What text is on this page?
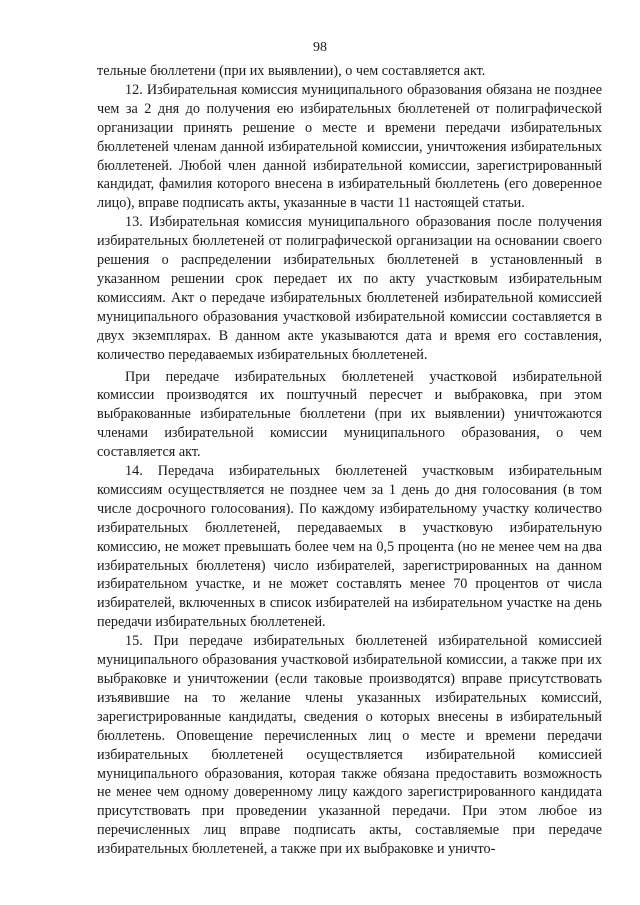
98

тельные бюллетени (при их выявлении), о чем составляется акт.

12. Избирательная комиссия муниципального образования обязана не позднее чем за 2 дня до получения ею избирательных бюллетеней от полиграфической организации принять решение о месте и времени передачи избирательных бюллетеней членам данной избирательной комиссии, уничтожения избирательных бюллетеней. Любой член данной избирательной комиссии, зарегистрированный кандидат, фамилия которого внесена в избирательный бюллетень (его доверенное лицо), вправе подписать акты, указанные в части 11 настоящей статьи.

13. Избирательная комиссия муниципального образования после получения избирательных бюллетеней от полиграфической организации на основании своего решения о распределении избирательных бюллетеней в установленный в указанном решении срок передает их по акту участковым избирательным комиссиям. Акт о передаче избирательных бюллетеней избирательной комиссией муниципального образования участковой избирательной комиссии составляется в двух экземплярах. В данном акте указываются дата и время его составления, количество передаваемых избирательных бюллетеней.

При передаче избирательных бюллетеней участковой избирательной комиссии производятся их поштучный пересчет и выбраковка, при этом выбракованные избирательные бюллетени (при их выявлении) уничтожаются членами избирательной комиссии муниципального образования, о чем составляется акт.

14. Передача избирательных бюллетеней участковым избирательным комиссиям осуществляется не позднее чем за 1 день до дня голосования (в том числе досрочного голосования). По каждому избирательному участку количество избирательных бюллетеней, передаваемых в участковую избирательную комиссию, не может превышать более чем на 0,5 процента (но не менее чем на два избирательных бюллетеня) число избирателей, зарегистрированных на данном избирательном участке, и не может составлять менее 70 процентов от числа избирателей, включенных в список избирателей на избирательном участке на день передачи избирательных бюллетеней.

15. При передаче избирательных бюллетеней избирательной комиссией муниципального образования участковой избирательной комиссии, а также при их выбраковке и уничтожении (если таковые производятся) вправе присутствовать изъявившие на то желание члены указанных избирательных комиссий, зарегистрированные кандидаты, сведения о которых внесены в избирательный бюллетень. Оповещение перечисленных лиц о месте и времени передачи избирательных бюллетеней осуществляется избирательной комиссией муниципального образования, которая также обязана предоставить возможность не менее чем одному доверенному лицу каждого зарегистрированного кандидата присутствовать при проведении указанной передачи. При этом любое из перечисленных лиц вправе подписать акты, составляемые при передаче избирательных бюллетеней, а также при их выбраковке и уничто-
